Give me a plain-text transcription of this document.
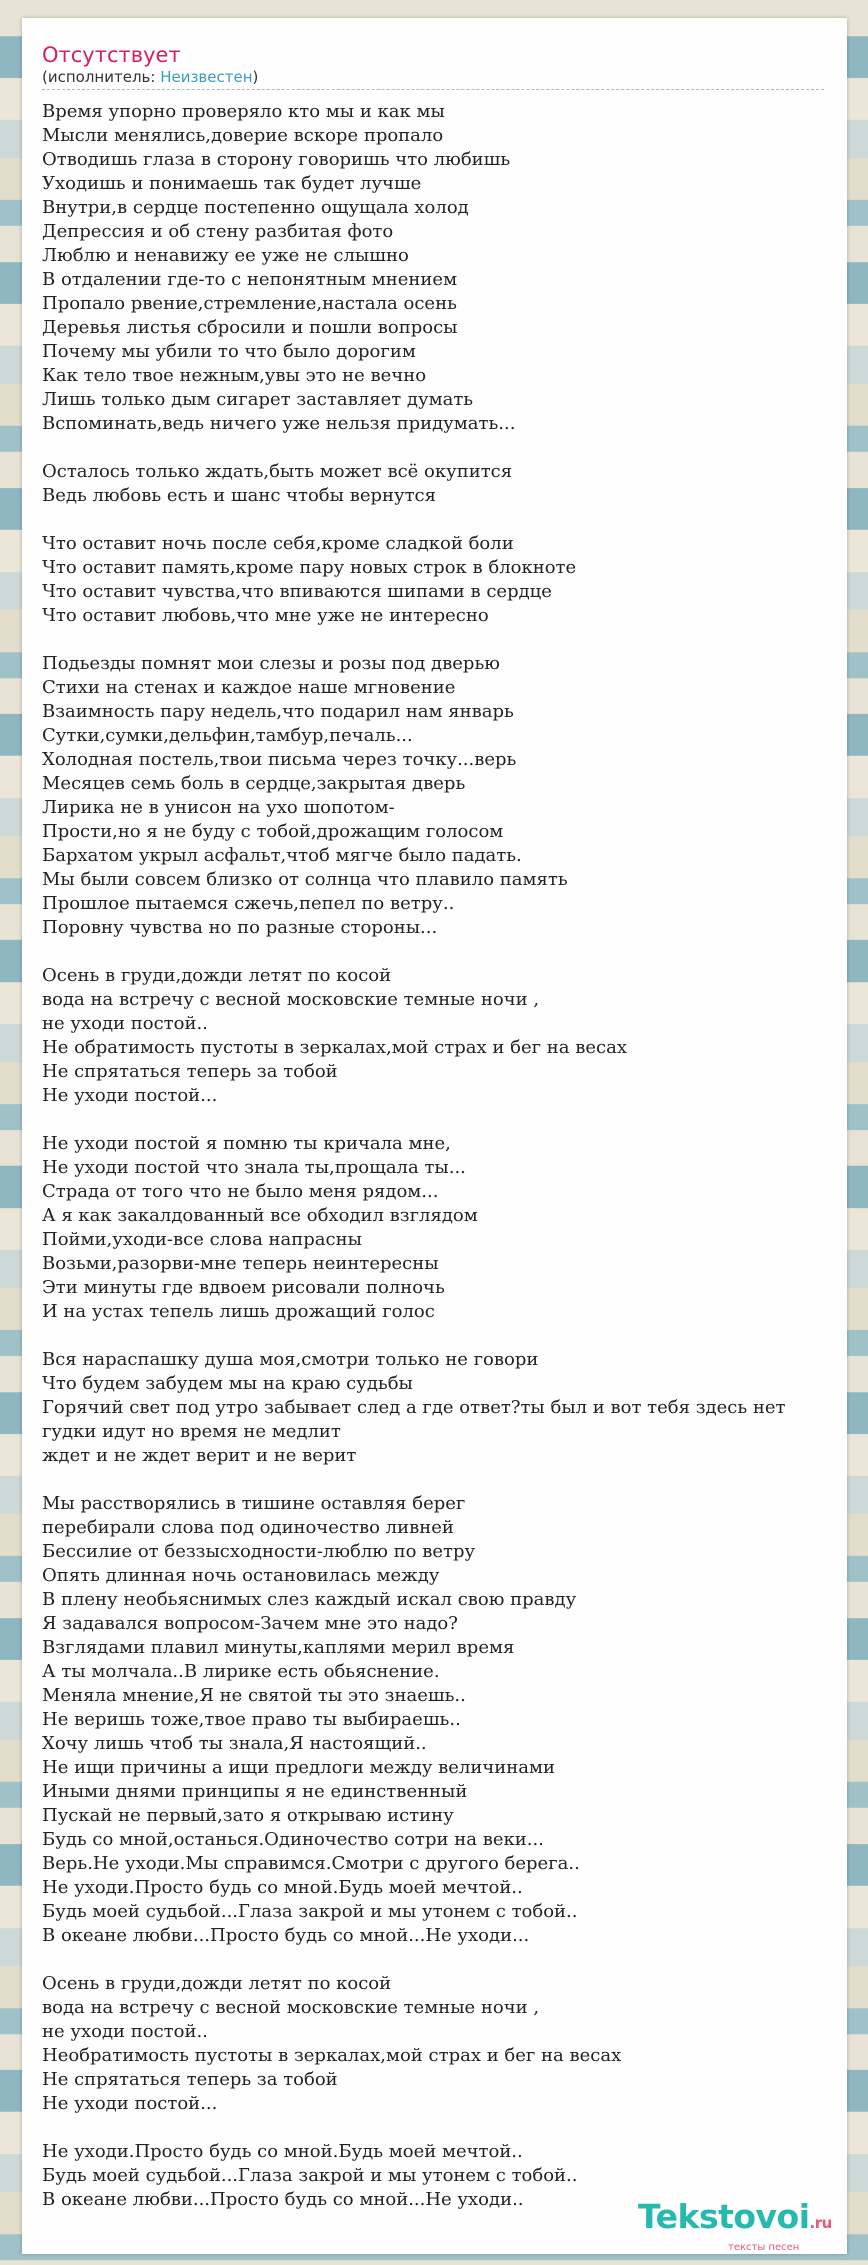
Отсутствует
(исполнитель: Неизвестен)
Время упорно проверяло кто мы и как мы
Мысли менялись,доверие вскоре пропало
Отводишь глаза в сторону говоришь что любишь
Уходишь и понимаешь так будет лучше
Внутри,в сердце постепенно ощущала холод
Депрессия и об стену разбитая фото
Люблю и ненавижу ее уже не слышно
В отдалении где-то с непонятным мнением
Пропало рвение,стремление,настала осень
Деревья листья сбросили и пошли вопросы
Почему мы убили то что было дорогим
Как тело твое нежным,увы это не вечно
Лишь только дым сигарет заставляет думать
Вспоминать,ведь ничего уже нельзя придумать...
Осталось только ждать,быть может всё окупится
Ведь любовь есть и шанс чтобы вернутся
Что оставит ночь после себя,кроме сладкой боли
Что оставит память,кроме пару новых строк в блокноте
Что оставит чувства,что впиваются шипами в сердце
Что оставит любовь,что мне уже не интересно
Подьезды помнят мои слезы и розы под дверью
Стихи на стенах и каждое наше мгновение
Взаимность пару недель,что подарил нам январь
Сутки,сумки,дельфин,тамбур,печаль...
Холодная постель,твои письма через точку...верь
Месяцев семь боль в сердце,закрытая дверь
Лирика не в унисон на ухо шопотом-
Прости,но я не буду с тобой,дрожащим голосом
Бархатом укрыл асфальт,чтоб мягче было падать.
Мы были совсем близко от солнца что плавило память
Прошлое пытаемся сжечь,пепел по ветру..
Поровну чувства но по разные стороны...
Осень в груди,дожди летят по косой
вода на встречу с весной московские темные ночи ,
не уходи постой..
Не обратимость пустоты в зеркалах,мой страх и бег на весах
Не спрятаться теперь за тобой
Не уходи постой...
Не уходи постой я помню ты кричала мне,
Не уходи постой что знала ты,прощала ты...
Страда от того что не было меня рядом...
А я как закалдованный все обходил взглядом
Пойми,уходи-все слова напрасны
Возьми,разорви-мне теперь неинтересны
Эти минуты где вдвоем рисовали полночь
И на устах тепель лишь дрожащий голос
Вся нараспашку душа моя,смотри только не говори
Что будем забудем мы на краю судьбы
Горячий свет под утро забывает след а где ответ?ты был и вот тебя здесь нет
гудки идут но время не медлит
ждет и не ждет верит и не верит
Мы расстворялись в тишине оставляя берег
перебирали слова под одиночество ливней
Бессилие от беззысходности-люблю по ветру
Опять длинная ночь остановилась между
В плену необьяснимых слез каждый искал свою правду
Я задавался вопросом-Зачем мне это надо?
Взглядами плавил минуты,каплями мерил время
А ты молчала..В лирике есть обьяснение.
Меняла мнение,Я не святой ты это знаешь..
Не веришь тоже,твое право ты выбираешь..
Хочу лишь чтоб ты знала,Я настоящий..
Не ищи причины а ищи предлоги между величинами
Иными днями принципы я не единственный
Пускай не первый,зато я открываю истину
Будь со мной,останься.Одиночество сотри на веки...
Верь.Не уходи.Мы справимся.Смотри с другого берега..
Не уходи.Просто будь со мной.Будь моей мечтой..
Будь моей судьбой...Глаза закрой и мы утонем с тобой..
В океане любви...Просто будь со мной...Не уходи...
Осень в груди,дожди летят по косой
вода на встречу с весной московские темные ночи ,
не уходи постой..
Необратимость пустоты в зеркалах,мой страх и бег на весах
Не спрятаться теперь за тобой
Не уходи постой...
Не уходи.Просто будь со мной.Будь моей мечтой..
Будь моей судьбой...Глаза закрой и мы утонем с тобой..
В океане любви...Просто будь со мной...Не уходи..	Tekstovoi.ru
тексты песен
